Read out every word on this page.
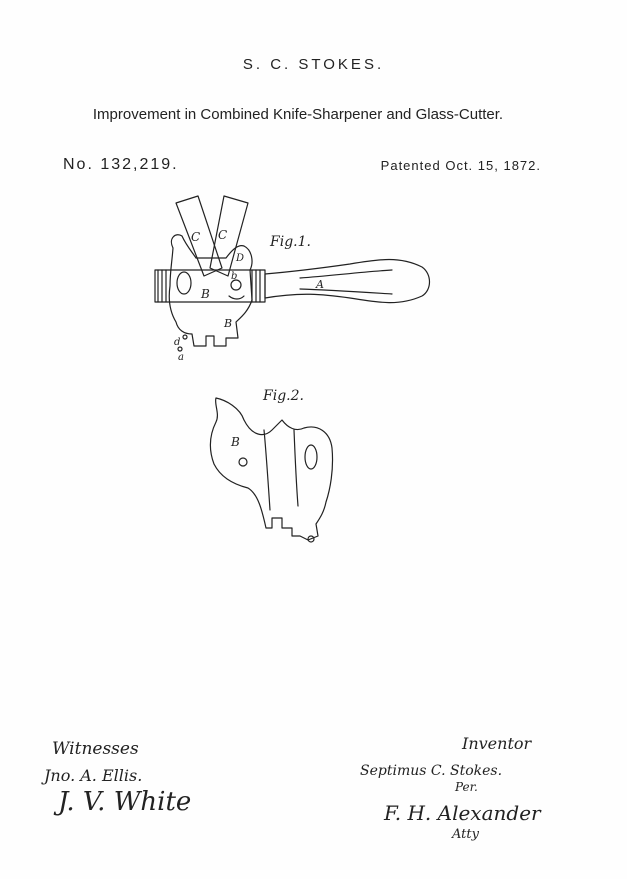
S. C. STOKES.
Improvement in Combined Knife-Sharpener and Glass-Cutter.
No. 132,219.	Patented Oct. 15, 1872.
Fig.1.
C C
B
B
A
D
b
d
a
Fig.2.
B
Witnesses
Jno. A. Ellis.
J. V. White
Inventor
Septimus C. Stokes.
Per.
F. H. Alexander
Atty
